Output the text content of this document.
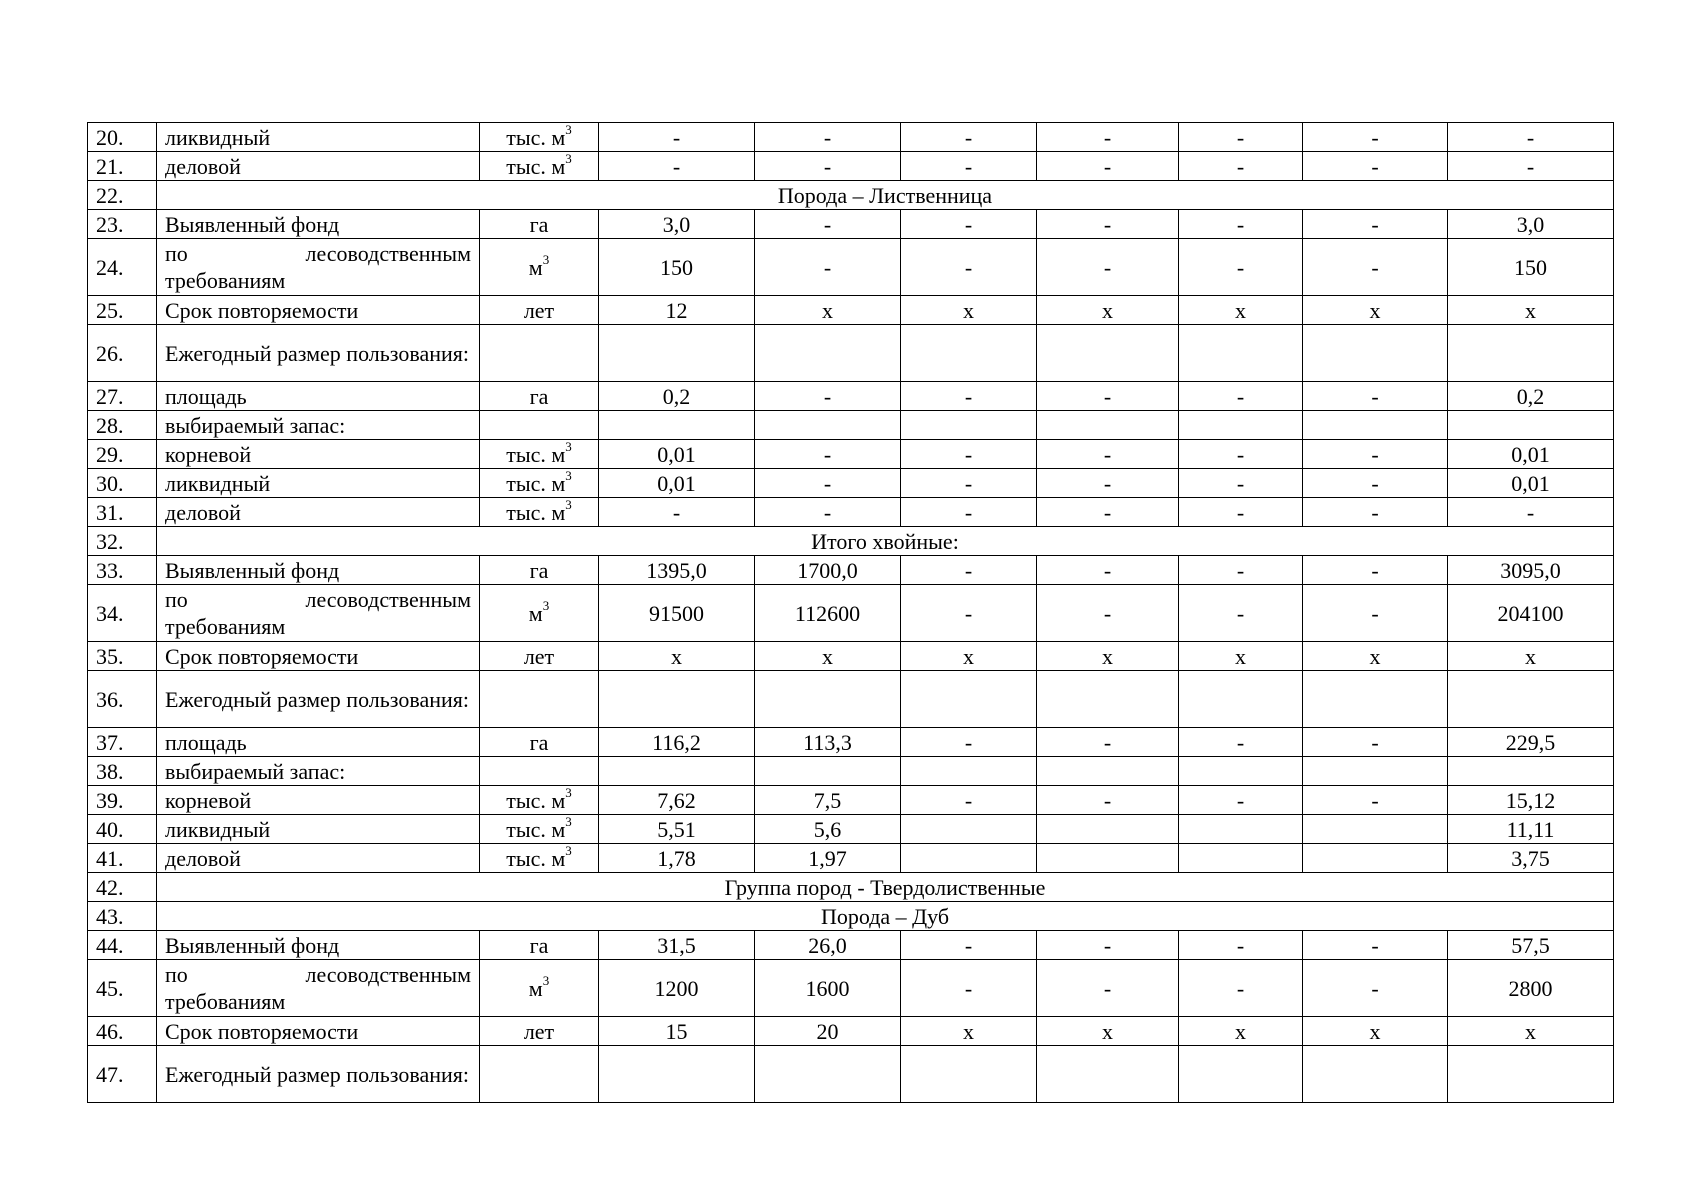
20.	ликвидный	тыс. $м^3$	-	-	-	-	-	-	-
21.	деловой	тыс. $м^3$	-	-	-	-	-	-	-
22.	Порода – Лиственница								
23.	Выявленный фонд	га	3,0	-	-	-	-	-	3,0
24.	по лесоводственным требованиям	$м^3$	150	-	-	-	-	-	150
25.	Срок повторяемости	лет	12	х	х	х	х	х	х
26.	Ежегодный размер пользования:								
27.	площадь	га	0,2	-	-	-	-	-	0,2
28.	выбираемый запас:								
29.	корневой	тыс. $м^3$	0,01	-	-	-	-	-	0,01
30.	ликвидный	тыс. $м^3$	0,01	-	-	-	-	-	0,01
31.	деловой	тыс. $м^3$	-	-	-	-	-	-	-
32.	Итого хвойные:								
33.	Выявленный фонд	га	1395,0	1700,0	-	-	-	-	3095,0
34.	по лесоводственным требованиям	$м^3$	91500	112600	-	-	-	-	204100
35.	Срок повторяемости	лет	х	х	х	х	х	х	х
36.	Ежегодный размер пользования:								
37.	площадь	га	116,2	113,3	-	-	-	-	229,5
38.	выбираемый запас:								
39.	корневой	тыс. $м^3$	7,62	7,5	-	-	-	-	15,12
40.	ликвидный	тыс. $м^3$	5,51	5,6					11,11
41.	деловой	тыс. $м^3$	1,78	1,97					3,75
42.	Группа пород - Твердолиственные								
43.	Порода – Дуб								
44.	Выявленный фонд	га	31,5	26,0	-	-	-	-	57,5
45.	по лесоводственным требованиям	$м^3$	1200	1600	-	-	-	-	2800
46.	Срок повторяемости	лет	15	20	х	х	х	х	х
47.	Ежегодный размер пользования:								
